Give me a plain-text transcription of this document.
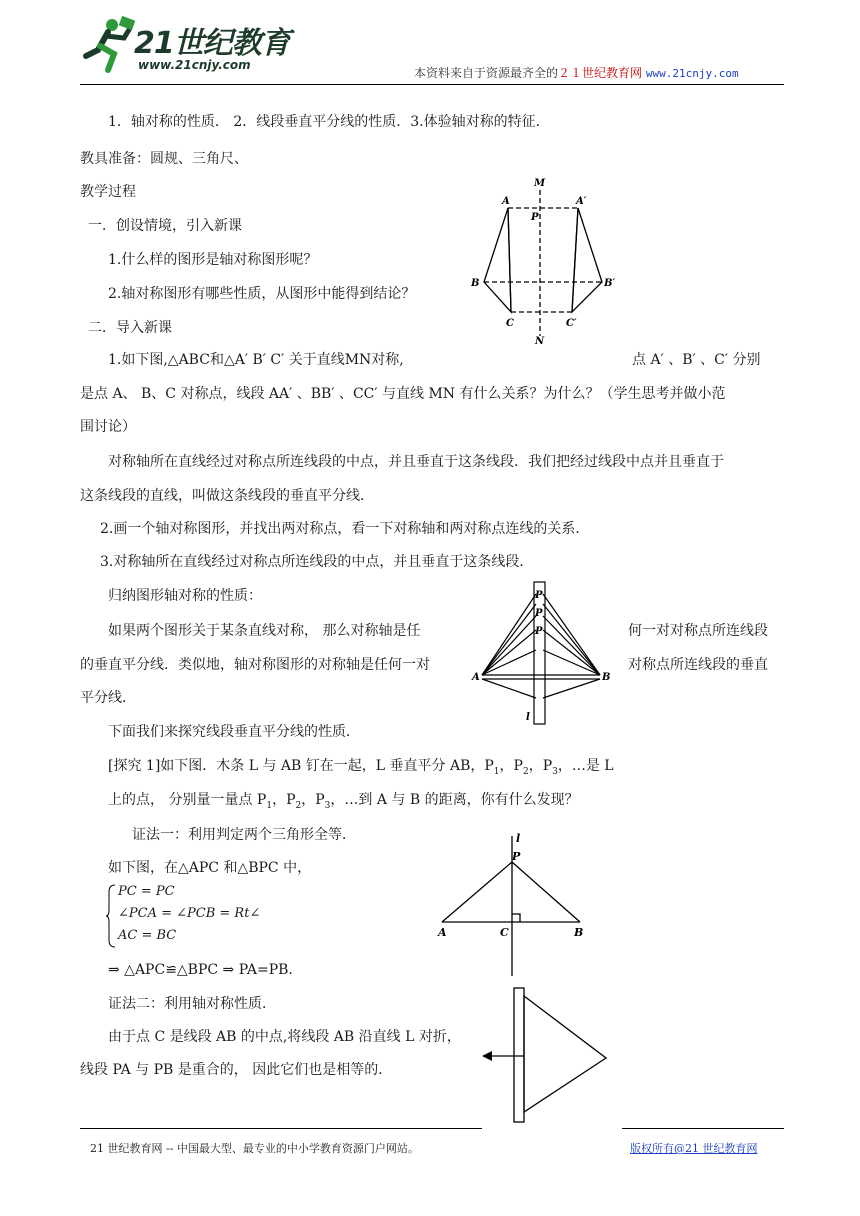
21世纪教育
www.21cnjy.com
本资料来自于资源最齐全的２１世纪教育网 www.21cnjy.com
1．轴对称的性质． 2．线段垂直平分线的性质．3.体验轴对称的特征．
教具准备：圆规、三角尺、
教学过程
一．创设情境，引入新课
1.什么样的图形是轴对称图形呢？
2.轴对称图形有哪些性质，从图形中能得到结论？
二．导入新课
1.如下图,△ABC和△A′ B′ C′ 关于直线MN对称,	点 A′ 、B′ 、C′ 分别
是点 A、 B、C 对称点，线段 AA′ 、BB′ 、CC′ 与直线 MN 有什么关系？为什么？（学生思考并做小范
围讨论）
对称轴所在直线经过对称点所连线段的中点，并且垂直于这条线段．我们把经过线段中点并且垂直于
这条线段的直线，叫做这条线段的垂直平分线．
2.画一个轴对称图形，并找出两对称点，看一下对称轴和两对称点连线的关系．
3.对称轴所在直线经过对称点所连线段的中点，并且垂直于这条线段．
归纳图形轴对称的性质：
如果两个图形关于某条直线对称， 那么对称轴是任	何一对对称点所连线段
的垂直平分线．类似地，轴对称图形的对称轴是任何一对	对称点所连线段的垂直
平分线．
下面我们来探究线段垂直平分线的性质．
[探究 1]如下图．木条 L 与 AB 钉在一起，L 垂直平分 AB，$P_1$，$P_2$，$P_3$，…是 L
上的点， 分别量一量点 $P_1$，$P_2$，$P_3$，…到 A 与 B 的距离，你有什么发现？
证法一：利用判定两个三角形全等．
如下图，在△APC 和△BPC 中，
PC = PC
∠PCA = ∠PCB = Rt∠
AC = BC
⇒ △APC≌△BPC ⇒ PA=PB.
证法二：利用轴对称性质．
由于点 C 是线段 AB 的中点,将线段 AB 沿直线 L 对折，
线段 PA 与 PB 是重合的， 因此它们也是相等的．
M
P
A	A′
B	B′
C	C′
N
P
P
P
A	B
l
l
P
A	C	B
21 世纪教育网 -- 中国最大型、最专业的中小学教育资源门户网站。	版权所有@21 世纪教育网
